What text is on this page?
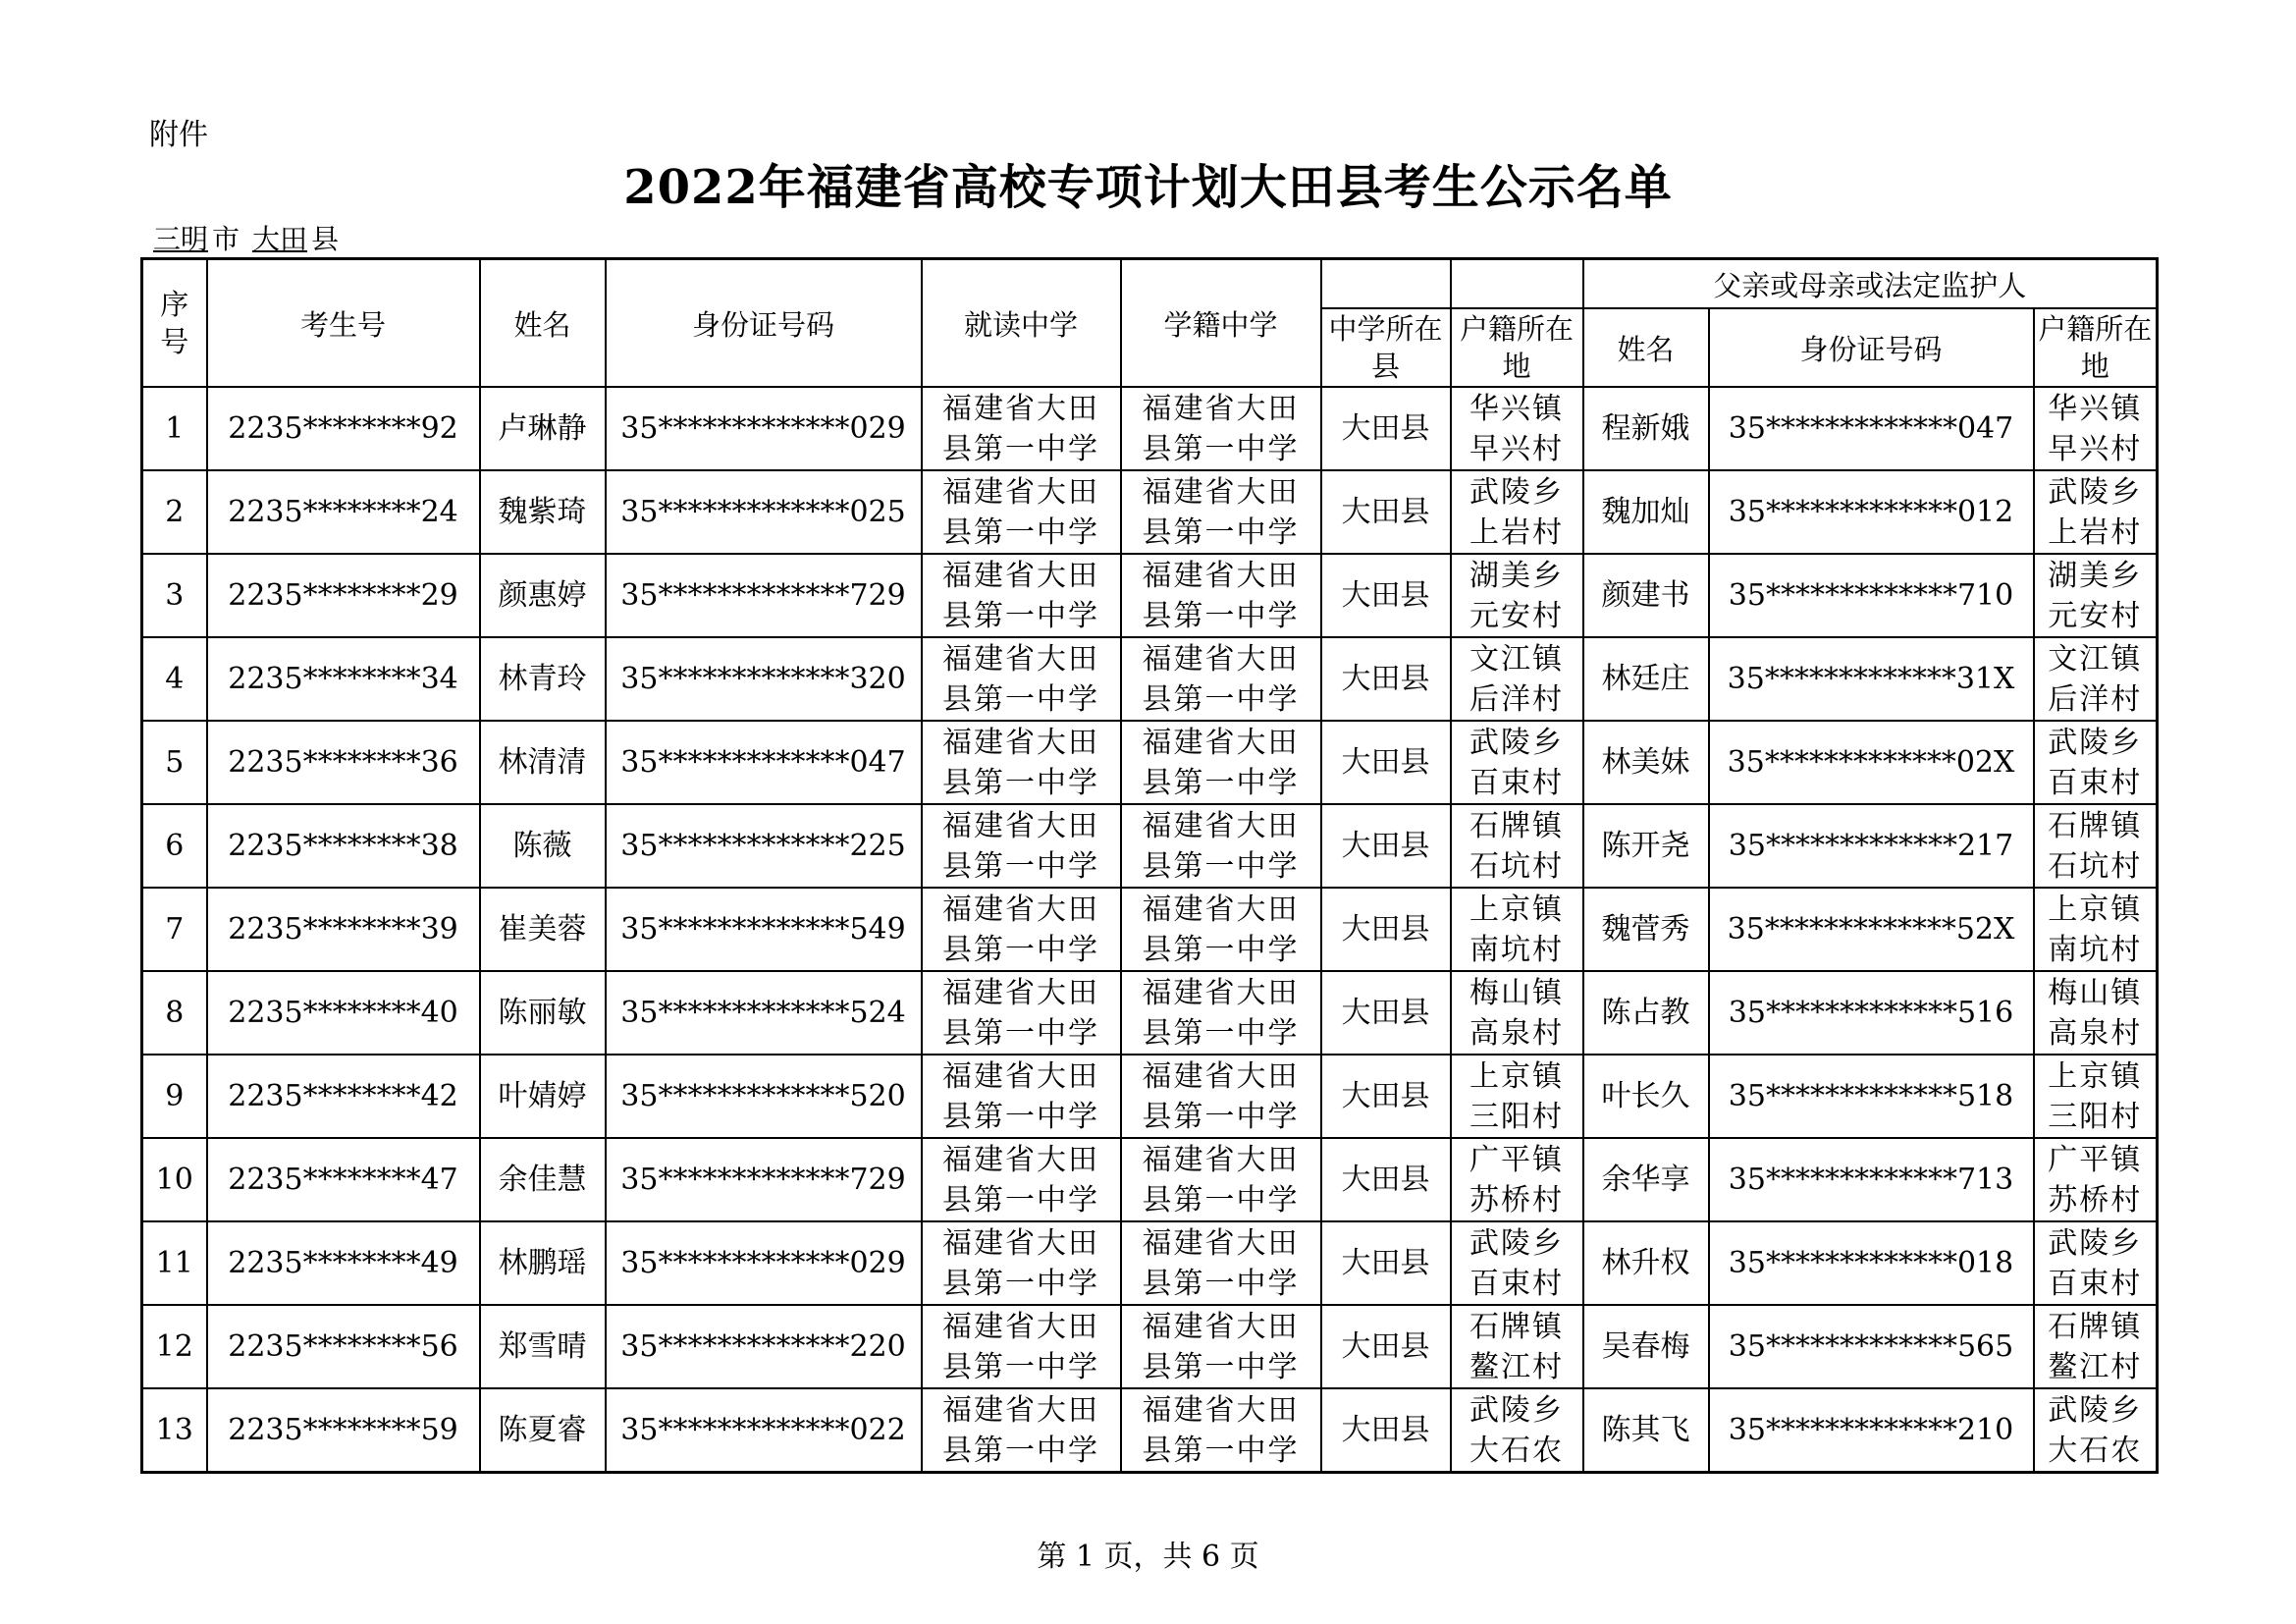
附件
2022年福建省高校专项计划大田县考生公示名单
三明 市 大田 县
序号	考生号	姓名	身份证号码	就读中学	学籍中学			父亲或母亲或法定监护人		
						中学所在县	户籍所在地	姓名	身份证号码	户籍所在地
1	2235********92	卢琳静	35*************029	福建省大田县第一中学	福建省大田县第一中学	大田县	华兴镇早兴村	程新娥	35*************047	华兴镇早兴村
2	2235********24	魏紫琦	35*************025	福建省大田县第一中学	福建省大田县第一中学	大田县	武陵乡上岩村	魏加灿	35*************012	武陵乡上岩村
3	2235********29	颜惠婷	35*************729	福建省大田县第一中学	福建省大田县第一中学	大田县	湖美乡元安村	颜建书	35*************710	湖美乡元安村
4	2235********34	林青玲	35*************320	福建省大田县第一中学	福建省大田县第一中学	大田县	文江镇后洋村	林廷庄	35*************31X	文江镇后洋村
5	2235********36	林清清	35*************047	福建省大田县第一中学	福建省大田县第一中学	大田县	武陵乡百束村	林美妹	35*************02X	武陵乡百束村
6	2235********38	陈薇	35*************225	福建省大田县第一中学	福建省大田县第一中学	大田县	石牌镇石坑村	陈开尧	35*************217	石牌镇石坑村
7	2235********39	崔美蓉	35*************549	福建省大田县第一中学	福建省大田县第一中学	大田县	上京镇南坑村	魏菅秀	35*************52X	上京镇南坑村
8	2235********40	陈丽敏	35*************524	福建省大田县第一中学	福建省大田县第一中学	大田县	梅山镇高泉村	陈占教	35*************516	梅山镇高泉村
9	2235********42	叶婧婷	35*************520	福建省大田县第一中学	福建省大田县第一中学	大田县	上京镇三阳村	叶长久	35*************518	上京镇三阳村
10	2235********47	余佳慧	35*************729	福建省大田县第一中学	福建省大田县第一中学	大田县	广平镇苏桥村	余华享	35*************713	广平镇苏桥村
11	2235********49	林鹏瑶	35*************029	福建省大田县第一中学	福建省大田县第一中学	大田县	武陵乡百束村	林升权	35*************018	武陵乡百束村
12	2235********56	郑雪晴	35*************220	福建省大田县第一中学	福建省大田县第一中学	大田县	石牌镇鳌江村	吴春梅	35*************565	石牌镇鳌江村
13	2235********59	陈夏睿	35*************022	福建省大田县第一中学	福建省大田县第一中学	大田县	武陵乡大石农	陈其飞	35*************210	武陵乡大石农
第 1 页，共 6 页
